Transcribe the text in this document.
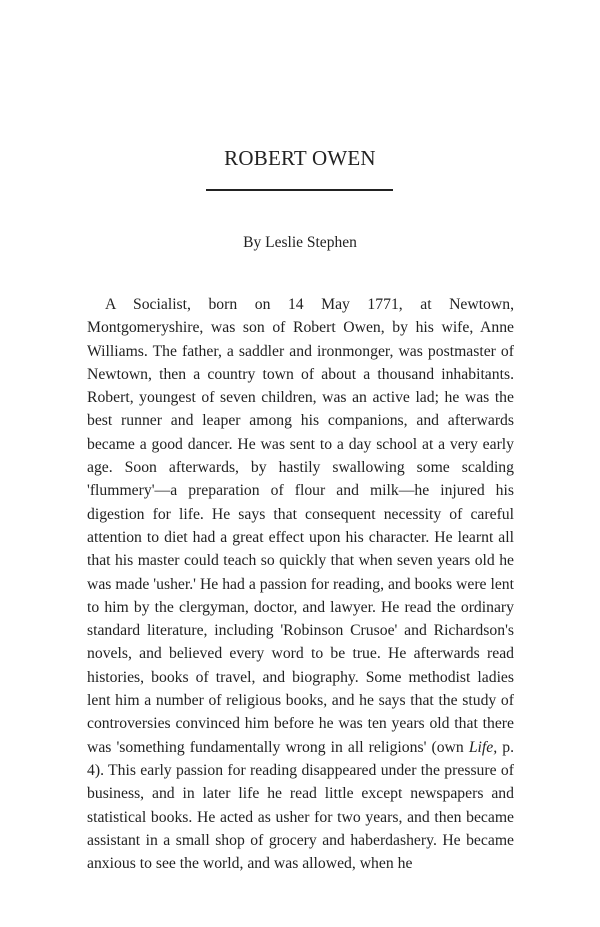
ROBERT OWEN
By Leslie Stephen

A Socialist, born on 14 May 1771, at Newtown, Montgomeryshire, was son of Robert Owen, by his wife, Anne Williams. The father, a saddler and ironmonger, was postmaster of Newtown, then a country town of about a thousand inhabitants. Robert, youngest of seven children, was an active lad; he was the best runner and leaper among his companions, and afterwards became a good dancer. He was sent to a day school at a very early age. Soon afterwards, by hastily swallowing some scalding 'flummery'—a preparation of flour and milk—he injured his digestion for life. He says that consequent necessity of careful attention to diet had a great effect upon his character. He learnt all that his master could teach so quickly that when seven years old he was made 'usher.' He had a passion for reading, and books were lent to him by the clergyman, doctor, and lawyer. He read the ordinary standard literature, including 'Robinson Crusoe' and Richardson's novels, and believed every word to be true. He afterwards read histories, books of travel, and biography. Some methodist ladies lent him a number of religious books, and he says that the study of controversies convinced him before he was ten years old that there was 'something fundamentally wrong in all religions' (own Life, p. 4). This early passion for reading disappeared under the pressure of business, and in later life he read little except newspapers and statistical books. He acted as usher for two years, and then became assistant in a small shop of grocery and haberdashery. He became anxious to see the world, and was allowed, when he
